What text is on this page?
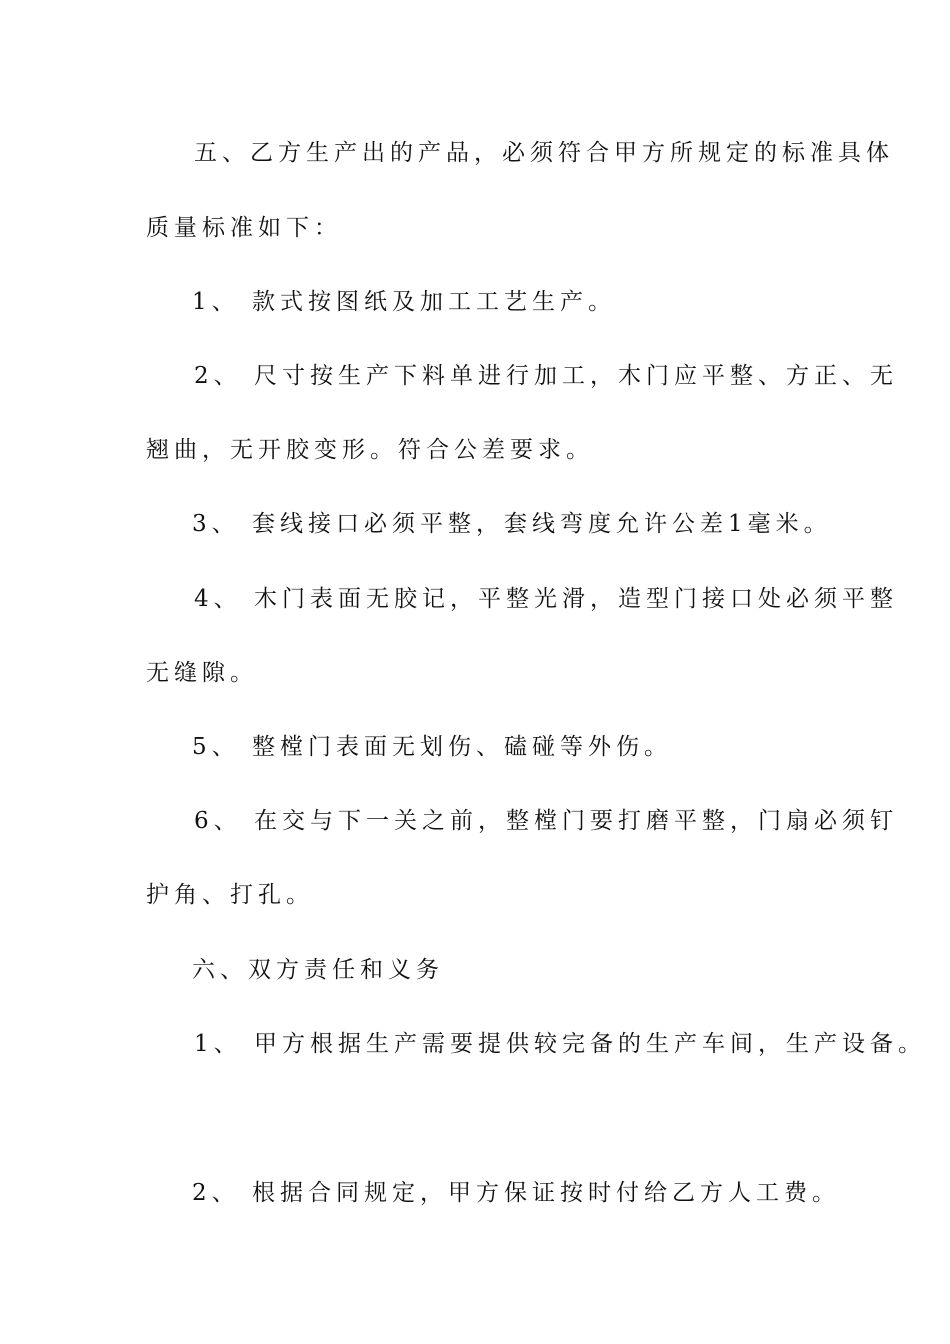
五、乙方生产出的产品，必须符合甲方所规定的标准具体
质量标准如下：
1、 款式按图纸及加工工艺生产。
2、 尺寸按生产下料单进行加工，木门应平整、方正、无
翘曲，无开胶变形。符合公差要求。
3、 套线接口必须平整，套线弯度允许公差1毫米。
4、 木门表面无胶记，平整光滑，造型门接口处必须平整
无缝隙。
5、 整樘门表面无划伤、磕碰等外伤。
6、 在交与下一关之前，整樘门要打磨平整，门扇必须钉
护角、打孔。
六、双方责任和义务
1、 甲方根据生产需要提供较完备的生产车间，生产设备。
2、 根据合同规定，甲方保证按时付给乙方人工费。
